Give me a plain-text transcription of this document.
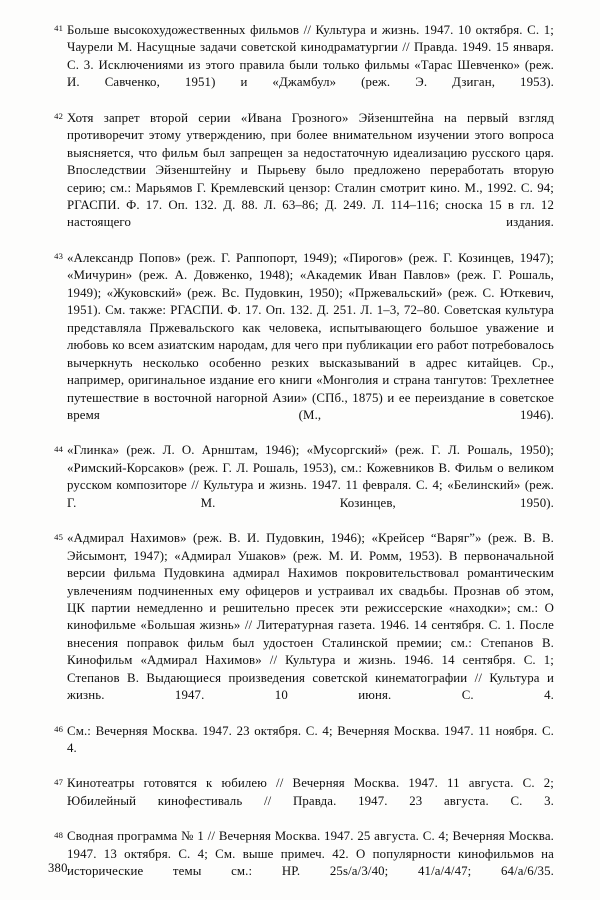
41 Больше высокохудожественных фильмов // Культура и жизнь. 1947. 10 октября. С. 1; Чаурели М. Насущные задачи советской кинодраматургии // Правда. 1949. 15 января. С. 3. Исключениями из этого правила были только фильмы «Тарас Шевченко» (реж. И. Савченко, 1951) и «Джамбул» (реж. Э. Дзиган, 1953).

42 Хотя запрет второй серии «Ивана Грозного» Эйзенштейна на первый взгляд противоречит этому утверждению, при более внимательном изучении этого вопроса выясняется, что фильм был запрещен за недостаточную идеализацию русского царя. Впоследствии Эйзенштейну и Пырьеву было предложено переработать вторую серию; см.: Марьямов Г. Кремлевский цензор: Сталин смотрит кино. М., 1992. С. 94; РГАСПИ. Ф. 17. Оп. 132. Д. 88. Л. 63–86; Д. 249. Л. 114–116; сноска 15 в гл. 12 настоящего издания.

43 «Александр Попов» (реж. Г. Раппопорт, 1949); «Пирогов» (реж. Г. Козинцев, 1947); «Мичурин» (реж. А. Довженко, 1948); «Академик Иван Павлов» (реж. Г. Рошаль, 1949); «Жуковский» (реж. Вс. Пудовкин, 1950); «Пржевальский» (реж. С. Юткевич, 1951). См. также: РГАСПИ. Ф. 17. Оп. 132. Д. 251. Л. 1–3, 72–80. Советская культура представляла Пржевальского как человека, испытывающего большое уважение и любовь ко всем азиатским народам, для чего при публикации его работ потребовалось вычеркнуть несколько особенно резких высказываний в адрес китайцев. Ср., например, оригинальное издание его книги «Монголия и страна тангутов: Трехлетнее путешествие в восточной нагорной Азии» (СПб., 1875) и ее переиздание в советское время (М., 1946).

44 «Глинка» (реж. Л. О. Арнштам, 1946); «Мусоргский» (реж. Г. Л. Рошаль, 1950); «Римский-Корсаков» (реж. Г. Л. Рошаль, 1953), см.: Кожевников В. Фильм о великом русском композиторе // Культура и жизнь. 1947. 11 февраля. С. 4; «Белинский» (реж. Г. М. Козинцев, 1950).

45 «Адмирал Нахимов» (реж. В. И. Пудовкин, 1946); «Крейсер “Варяг”» (реж. В. В. Эйсымонт, 1947); «Адмирал Ушаков» (реж. М. И. Ромм, 1953). В первоначальной версии фильма Пудовкина адмирал Нахимов покровительствовал романтическим увлечениям подчиненных ему офицеров и устраивал их свадьбы. Прознав об этом, ЦК партии немедленно и решительно пресек эти режиссерские «находки»; см.: О кинофильме «Большая жизнь» // Литературная газета. 1946. 14 сентября. С. 1. После внесения поправок фильм был удостоен Сталинской премии; см.: Степанов В. Кинофильм «Адмирал Нахимов» // Культура и жизнь. 1946. 14 сентября. С. 1; Степанов В. Выдающиеся произведения советской кинематографии // Культура и жизнь. 1947. 10 июня. С. 4.

46 См.: Вечерняя Москва. 1947. 23 октября. С. 4; Вечерняя Москва. 1947. 11 ноября. С. 4.

47 Кинотеатры готовятся к юбилею // Вечерняя Москва. 1947. 11 августа. С. 2; Юбилейный кинофестиваль // Правда. 1947. 23 августа. С. 3.

48 Сводная программа № 1 // Вечерняя Москва. 1947. 25 августа. С. 4; Вечерняя Москва. 1947. 13 октября. С. 4; См. выше примеч. 42. О популярности кинофильмов на исторические темы см.: НР. 25s/a/3/40; 41/a/4/47; 64/a/6/35.

380
